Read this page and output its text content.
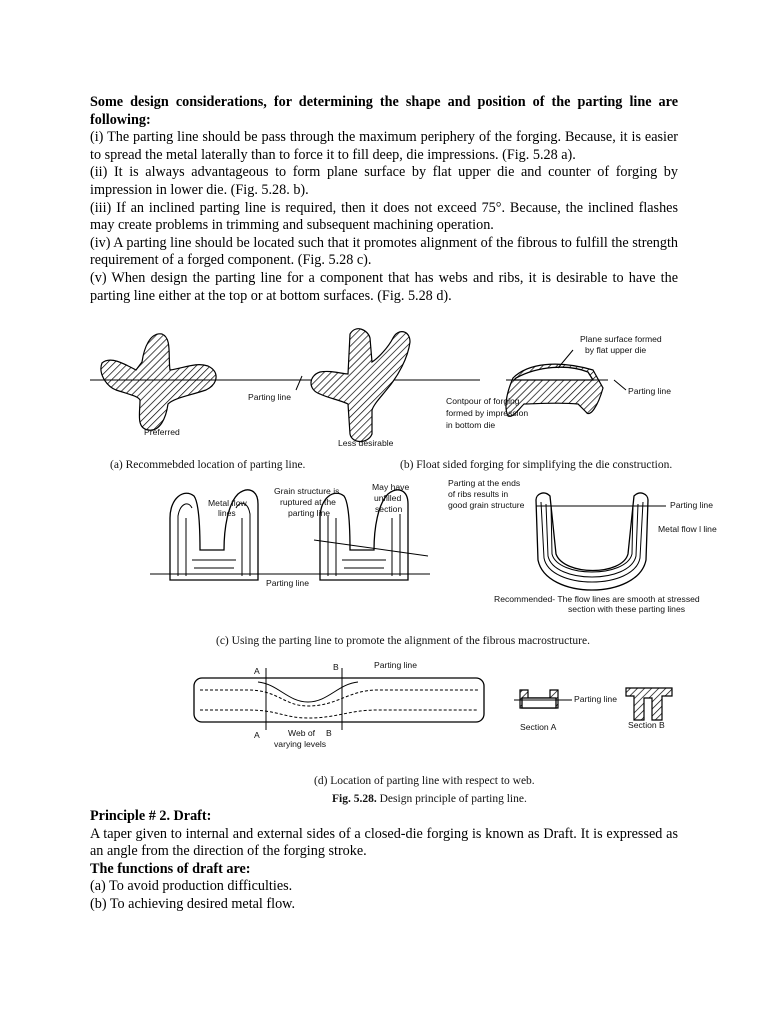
Some design considerations, for determining the shape and position of the parting line are following:

(i) The parting line should be pass through the maximum periphery of the forging. Because, it is easier to spread the metal laterally than to force it to fill deep, die impressions. (Fig. 5.28 a).

(ii) It is always advantageous to form plane surface by flat upper die and counter of forging by impression in lower die. (Fig. 5.28. b).

(iii) If an inclined parting line is required, then it does not exceed 75°. Because, the inclined flashes may create problems in trimming and subsequent machining operation.

(iv) A parting line should be located such that it promotes alignment of the fibrous to fulfill the strength requirement of a forged component. (Fig. 5.28 c).

(v) When design the parting line for a component that has webs and ribs, it is desirable to have the parting line either at the top or at bottom surfaces. (Fig. 5.28 d).

Parting line
Preferred
Less desirable
(a) Recommebded location of parting line.
Plane surface formed
by flat upper die
Parting line
Contpour of forging
formed by impression
in bottom die
(b) Float sided forging for simplifying the die construction.
Metal flow
lines
Grain structure is
ruptured at the
parting line
May have
unfilled
section
Parting line
Parting at the ends
of ribs results in
good grain structure	Parting line
Metal flow l line
Recommended- The flow lines are smooth at stressed
section with these parting lines
(c) Using the parting line to promote the alignment of the fibrous macrostructure.
A	B	Parting line
A	Web of B
varying levels
Parting line
Section A	Section B
(d) Location of parting line with respect to web.
Fig. 5.28. Design principle of parting line.

Principle # 2. Draft:

A taper given to internal and external sides of a closed-die forging is known as Draft. It is expressed as an angle from the direction of the forging stroke.

The functions of draft are:

(a) To avoid production difficulties.

(b) To achieving desired metal flow.
